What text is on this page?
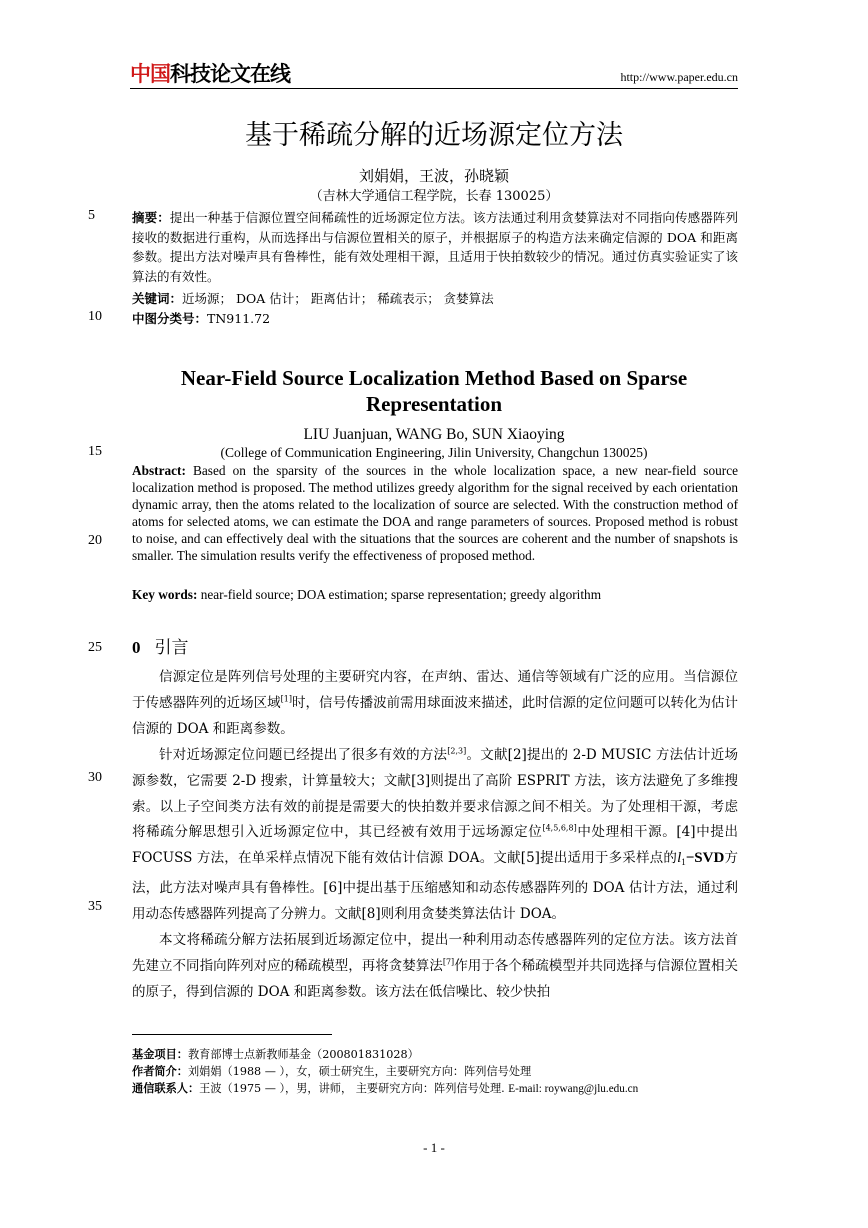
中国科技论文在线	http://www.paper.edu.cn
5
10
15
20
25
30
35
基于稀疏分解的近场源定位方法
刘娟娟，王波，孙晓颖
（吉林大学通信工程学院，长春 130025）
摘要：提出一种基于信源位置空间稀疏性的近场源定位方法。该方法通过利用贪婪算法对不同指向传感器阵列接收的数据进行重构，从而选择出与信源位置相关的原子，并根据原子的构造方法来确定信源的 DOA 和距离参数。提出方法对噪声具有鲁棒性，能有效处理相干源，且适用于快拍数较少的情况。通过仿真实验证实了该算法的有效性。
关键词：近场源； DOA 估计； 距离估计； 稀疏表示； 贪婪算法
中图分类号：TN911.72
Near-Field Source Localization Method Based on Sparse Representation
LIU Juanjuan, WANG Bo, SUN Xiaoying
(College of Communication Engineering, Jilin University, Changchun 130025)
Abstract: Based on the sparsity of the sources in the whole localization space, a new near-field source localization method is proposed. The method utilizes greedy algorithm for the signal received by each orientation dynamic array, then the atoms related to the localization of source are selected. With the construction method of atoms for selected atoms, we can estimate the DOA and range parameters of sources. Proposed method is robust to noise, and can effectively deal with the situations that the sources are coherent and the number of snapshots is smaller. The simulation results verify the effectiveness of proposed method.
Key words: near-field source; DOA estimation; sparse representation; greedy algorithm
0 引言

信源定位是阵列信号处理的主要研究内容，在声纳、雷达、通信等领域有广泛的应用。当信源位于传感器阵列的近场区域[1]时，信号传播波前需用球面波来描述，此时信源的定位问题可以转化为估计信源的 DOA 和距离参数。

针对近场源定位问题已经提出了很多有效的方法[2,3]。文献[2]提出的 2-D MUSIC 方法估计近场源参数，它需要 2-D 搜索，计算量较大；文献[3]则提出了高阶 ESPRIT 方法，该方法避免了多维搜索。以上子空间类方法有效的前提是需要大的快拍数并要求信源之间不相关。为了处理相干源，考虑将稀疏分解思想引入近场源定位中，其已经被有效用于远场源定位[4,5,6,8]中处理相干源。[4]中提出 FOCUSS 方法，在单采样点情况下能有效估计信源 DOA。文献[5]提出适用于多采样点的$l_1-SVD$方法，此方法对噪声具有鲁棒性。[6]中提出基于压缩感知和动态传感器阵列的 DOA 估计方法，通过利用动态传感器阵列提高了分辨力。文献[8]则利用贪婪类算法估计 DOA。

本文将稀疏分解方法拓展到近场源定位中，提出一种利用动态传感器阵列的定位方法。该方法首先建立不同指向阵列对应的稀疏模型，再将贪婪算法[7]作用于各个稀疏模型并共同选择与信源位置相关的原子，得到信源的 DOA 和距离参数。该方法在低信噪比、较少快拍

基金项目：教育部博士点新教师基金（200801831028）
作者简介：刘娟娟（1988 — ），女，硕士研究生，主要研究方向：阵列信号处理
通信联系人：王波（1975 — ），男，讲师， 主要研究方向：阵列信号处理. E-mail: roywang@jlu.edu.cn
- 1 -
